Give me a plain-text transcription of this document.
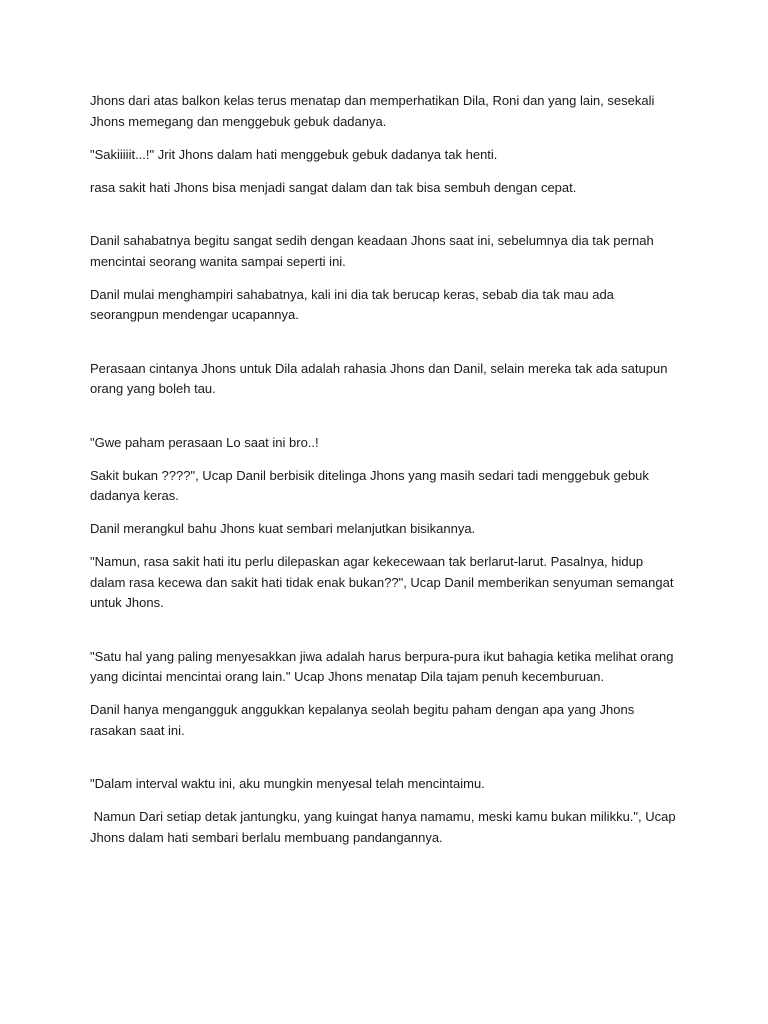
Jhons dari atas balkon kelas terus menatap dan memperhatikan Dila, Roni dan yang lain, sesekali Jhons memegang dan menggebuk gebuk dadanya.

"Sakiiiiit...!" Jrit Jhons dalam hati menggebuk gebuk dadanya tak henti.

rasa sakit hati Jhons bisa menjadi sangat dalam dan tak bisa sembuh dengan cepat.

Danil sahabatnya begitu sangat sedih dengan keadaan Jhons saat ini, sebelumnya dia tak pernah mencintai seorang wanita sampai seperti ini.

Danil mulai menghampiri sahabatnya, kali ini dia tak berucap keras, sebab dia tak mau ada seorangpun mendengar ucapannya.

Perasaan cintanya Jhons untuk Dila adalah rahasia Jhons dan Danil, selain mereka tak ada satupun orang yang boleh tau.

"Gwe paham perasaan Lo saat ini bro..!

Sakit bukan ????", Ucap Danil berbisik ditelinga Jhons yang masih sedari tadi menggebuk gebuk dadanya keras.

Danil merangkul bahu Jhons kuat sembari melanjutkan bisikannya.

"Namun, rasa sakit hati itu perlu dilepaskan agar kekecewaan tak berlarut-larut. Pasalnya, hidup dalam rasa kecewa dan sakit hati tidak enak bukan??", Ucap Danil memberikan senyuman semangat untuk Jhons.

"Satu hal yang paling menyesakkan jiwa adalah harus berpura-pura ikut bahagia ketika melihat orang yang dicintai mencintai orang lain." Ucap Jhons menatap Dila tajam penuh kecemburuan.

Danil hanya mengangguk anggukkan kepalanya seolah begitu paham dengan apa yang Jhons rasakan saat ini.

"Dalam interval waktu ini, aku mungkin menyesal telah mencintaimu.

Namun Dari setiap detak jantungku, yang kuingat hanya namamu, meski kamu bukan milikku.", Ucap Jhons dalam hati sembari berlalu membuang pandangannya.
